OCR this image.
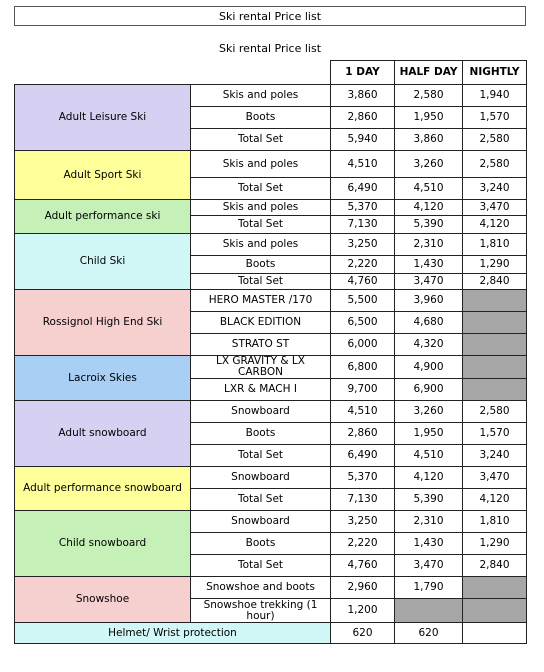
Ski rental Price list
Ski rental Price list
		1 DAY	HALF DAY	NIGHTLY
Adult Leisure Ski	Skis and poles	3,860	2,580	1,940
	Boots	2,860	1,950	1,570
	Total Set	5,940	3,860	2,580
Adult Sport Ski	Skis and poles	4,510	3,260	2,580
	Total Set	6,490	4,510	3,240
Adult performance ski	Skis and poles	5,370	4,120	3,470
	Total Set	7,130	5,390	4,120
Child Ski	Skis and poles	3,250	2,310	1,810
	Boots	2,220	1,430	1,290
	Total Set	4,760	3,470	2,840
Rossignol High End Ski	HERO MASTER /170	5,500	3,960	
	BLACK EDITION	6,500	4,680	
	STRATO ST	6,000	4,320	
Lacroix Skies	LX GRAVITY & LX CARBON	6,800	4,900	
	LXR & MACH I	9,700	6,900	
Adult snowboard	Snowboard	4,510	3,260	2,580
	Boots	2,860	1,950	1,570
	Total Set	6,490	4,510	3,240
Adult performance snowboard	Snowboard	5,370	4,120	3,470
	Total Set	7,130	5,390	4,120
Child snowboard	Snowboard	3,250	2,310	1,810
	Boots	2,220	1,430	1,290
	Total Set	4,760	3,470	2,840
Snowshoe	Snowshoe and boots	2,960	1,790	
	Snowshoe trekking (1 hour)	1,200		
Helmet/ Wrist protection		620	620	
